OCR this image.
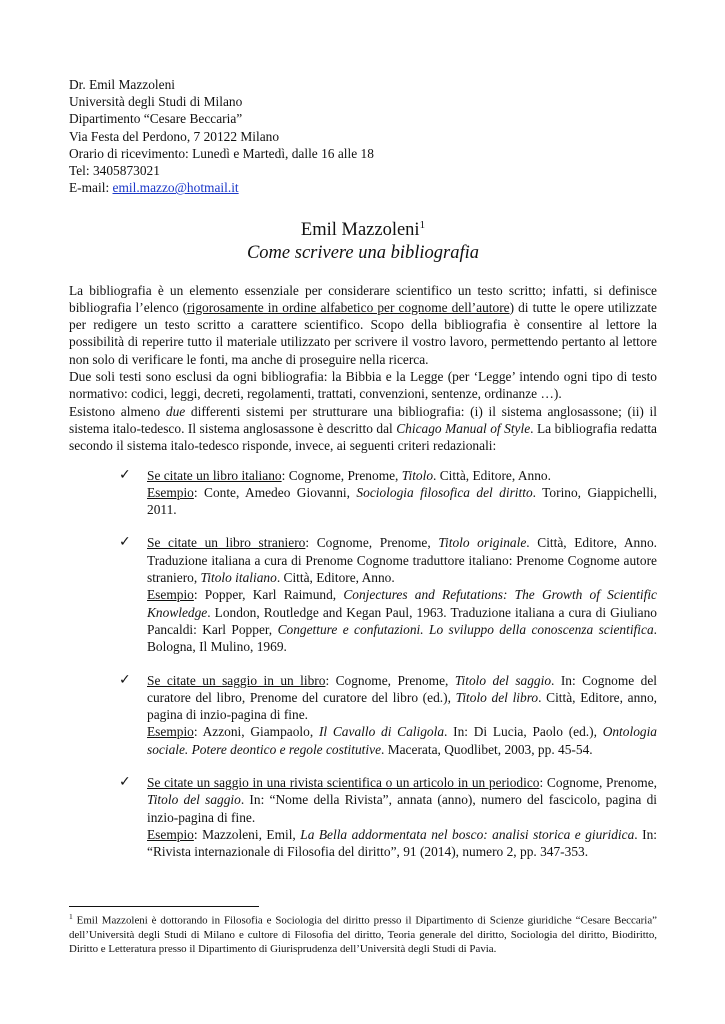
Dr. Emil Mazzoleni
Università degli Studi di Milano
Dipartimento “Cesare Beccaria”
Via Festa del Perdono, 7 20122 Milano
Orario di ricevimento: Lunedì e Martedì, dalle 16 alle 18
Tel: 3405873021
E-mail: emil.mazzo@hotmail.it
Emil Mazzoleni$^1$
Come scrivere una bibliografia

La bibliografia è un elemento essenziale per considerare scientifico un testo scritto; infatti, si definisce bibliografia l’elenco (rigorosamente in ordine alfabetico per cognome dell’autore) di tutte le opere utilizzate per redigere un testo scritto a carattere scientifico. Scopo della bibliografia è consentire al lettore la possibilità di reperire tutto il materiale utilizzato per scrivere il vostro lavoro, permettendo pertanto al lettore non solo di verificare le fonti, ma anche di proseguire nella ricerca.

Due soli testi sono esclusi da ogni bibliografia: la Bibbia e la Legge (per ‘Legge’ intendo ogni tipo di testo normativo: codici, leggi, decreti, regolamenti, trattati, convenzioni, sentenze, ordinanze …).

Esistono almeno due differenti sistemi per strutturare una bibliografia: (i) il sistema anglosassone; (ii) il sistema italo-tedesco. Il sistema anglosassone è descritto dal Chicago Manual of Style. La bibliografia redatta secondo il sistema italo-tedesco risponde, invece, ai seguenti criteri redazionali:

✓ Se citate un libro italiano: Cognome, Prenome, Titolo. Città, Editore, Anno.

Esempio: Conte, Amedeo Giovanni, Sociologia filosofica del diritto. Torino, Giappichelli, 2011.

✓ Se citate un libro straniero: Cognome, Prenome, Titolo originale. Città, Editore, Anno. Traduzione italiana a cura di Prenome Cognome traduttore italiano: Prenome Cognome autore straniero, Titolo italiano. Città, Editore, Anno.

Esempio: Popper, Karl Raimund, Conjectures and Refutations: The Growth of Scientific Knowledge. London, Routledge and Kegan Paul, 1963. Traduzione italiana a cura di Giuliano Pancaldi: Karl Popper, Congetture e confutazioni. Lo sviluppo della conoscenza scientifica. Bologna, Il Mulino, 1969.

✓ Se citate un saggio in un libro: Cognome, Prenome, Titolo del saggio. In: Cognome del curatore del libro, Prenome del curatore del libro (ed.), Titolo del libro. Città, Editore, anno, pagina di inzio-pagina di fine.

Esempio: Azzoni, Giampaolo, Il Cavallo di Caligola. In: Di Lucia, Paolo (ed.), Ontologia sociale. Potere deontico e regole costitutive. Macerata, Quodlibet, 2003, pp. 45-54.

✓ Se citate un saggio in una rivista scientifica o un articolo in un periodico: Cognome, Prenome, Titolo del saggio. In: “Nome della Rivista”, annata (anno), numero del fascicolo, pagina di inzio-pagina di fine.

Esempio: Mazzoleni, Emil, La Bella addormentata nel bosco: analisi storica e giuridica. In: “Rivista internazionale di Filosofia del diritto”, 91 (2014), numero 2, pp. 347-353.

$^1$ Emil Mazzoleni è dottorando in Filosofia e Sociologia del diritto presso il Dipartimento di Scienze giuridiche “Cesare Beccaria” dell’Università degli Studi di Milano e cultore di Filosofia del diritto, Teoria generale del diritto, Sociologia del diritto, Biodiritto, Diritto e Letteratura presso il Dipartimento di Giurisprudenza dell’Università degli Studi di Pavia.
